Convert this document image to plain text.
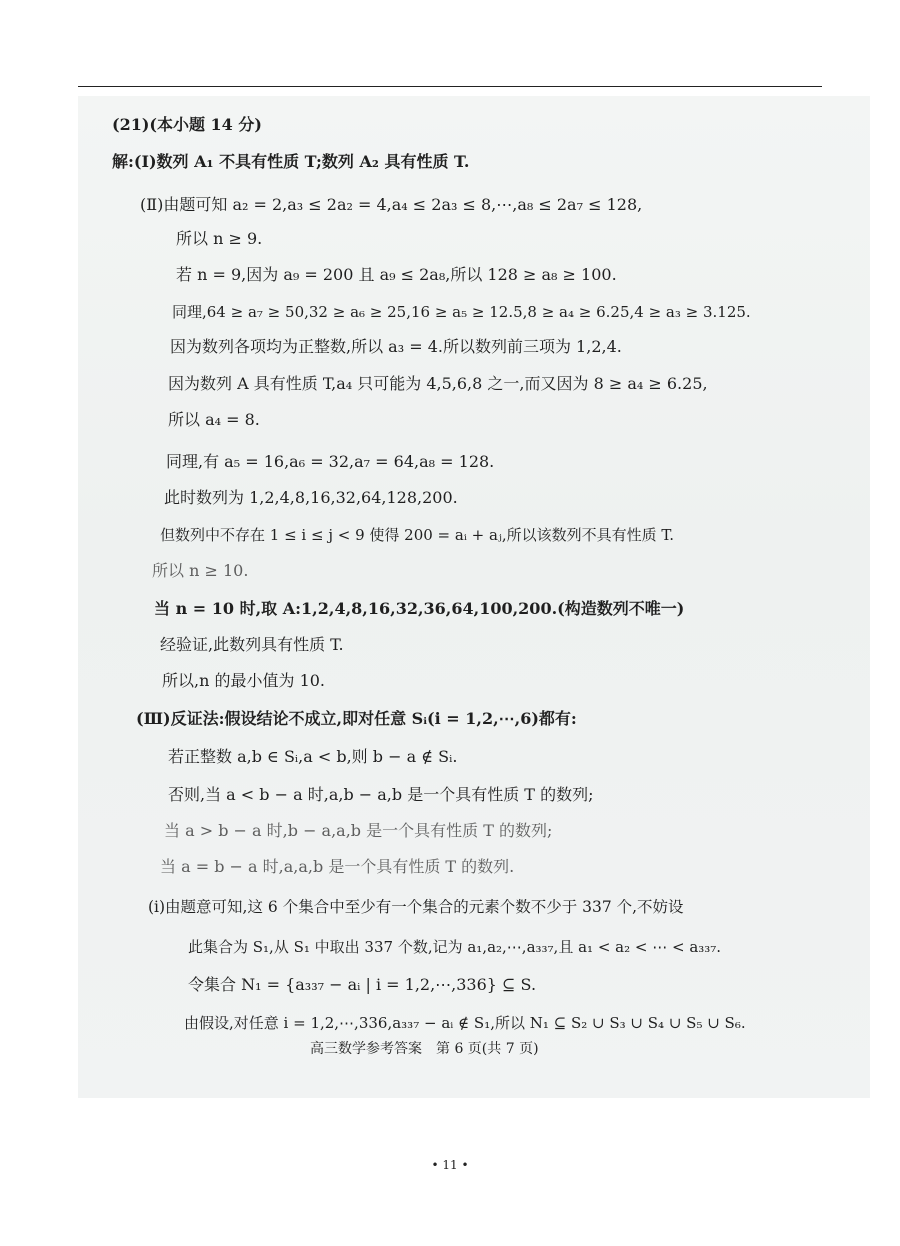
(21)(本小题 14 分)
解:(Ⅰ)数列 A₁ 不具有性质 T;数列 A₂ 具有性质 T.
(Ⅱ)由题可知 a₂ = 2,a₃ ≤ 2a₂ = 4,a₄ ≤ 2a₃ ≤ 8,⋯,a₈ ≤ 2a₇ ≤ 128,
所以 n ≥ 9.
若 n = 9,因为 a₉ = 200 且 a₉ ≤ 2a₈,所以 128 ≥ a₈ ≥ 100.
同理,64 ≥ a₇ ≥ 50,32 ≥ a₆ ≥ 25,16 ≥ a₅ ≥ 12.5,8 ≥ a₄ ≥ 6.25,4 ≥ a₃ ≥ 3.125.
因为数列各项均为正整数,所以 a₃ = 4.所以数列前三项为 1,2,4.
因为数列 A 具有性质 T,a₄ 只可能为 4,5,6,8 之一,而又因为 8 ≥ a₄ ≥ 6.25,
所以 a₄ = 8.
同理,有 a₅ = 16,a₆ = 32,a₇ = 64,a₈ = 128.
此时数列为 1,2,4,8,16,32,64,128,200.
但数列中不存在 1 ≤ i ≤ j < 9 使得 200 = aᵢ + aⱼ,所以该数列不具有性质 T.
所以 n ≥ 10.
当 n = 10 时,取 A:1,2,4,8,16,32,36,64,100,200.(构造数列不唯一)
经验证,此数列具有性质 T.
所以,n 的最小值为 10.
(Ⅲ)反证法:假设结论不成立,即对任意 Sᵢ(i = 1,2,⋯,6)都有:
若正整数 a,b ∈ Sᵢ,a < b,则 b − a ∉ Sᵢ.
否则,当 a < b − a 时,a,b − a,b 是一个具有性质 T 的数列;
当 a > b − a 时,b − a,a,b 是一个具有性质 T 的数列;
当 a = b − a 时,a,a,b 是一个具有性质 T 的数列.
(ⅰ)由题意可知,这 6 个集合中至少有一个集合的元素个数不少于 337 个,不妨设
此集合为 S₁,从 S₁ 中取出 337 个数,记为 a₁,a₂,⋯,a₃₃₇,且 a₁ < a₂ < ⋯ < a₃₃₇.
令集合 N₁ = {a₃₃₇ − aᵢ | i = 1,2,⋯,336} ⊆ S.
由假设,对任意 i = 1,2,⋯,336,a₃₃₇ − aᵢ ∉ S₁,所以 N₁ ⊆ S₂ ∪ S₃ ∪ S₄ ∪ S₅ ∪ S₆.
高三数学参考答案　第 6 页(共 7 页)
• 11 •
